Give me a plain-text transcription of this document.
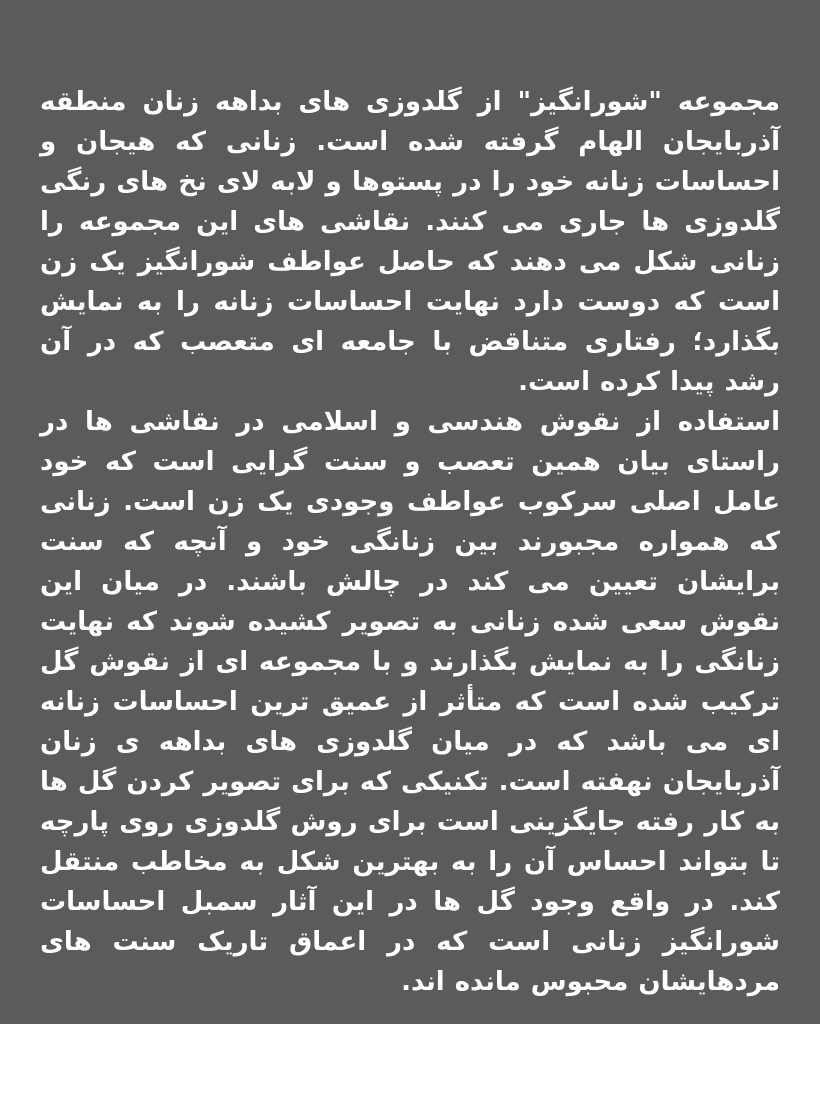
مجموعه "شورانگیز" از گلدوزی های بداهه زنان منطقه آذربایجان الهام گرفته شده است. زنانی که هیجان و احساسات زنانه خود را در پستوها و لابه لای نخ های رنگی گلدوزی ها جاری می کنند. نقاشی های این مجموعه را زنانی شکل می دهند که حاصل عواطف شورانگیز یک زن است که دوست دارد نهایت احساسات زنانه را به نمایش بگذارد؛ رفتاری متناقض با جامعه ای متعصب که در آن رشد پیدا کرده است.

استفاده از نقوش هندسی و اسلامی در نقاشی ها در راستای بیان همین تعصب و سنت گرایی است که خود عامل اصلی سرکوب عواطف وجودی یک زن است. زنانی که همواره مجبورند بین زنانگی خود و آنچه که سنت برایشان تعیین می کند در چالش باشند. در میان این نقوش سعی شده زنانی به تصویر کشیده شوند که نهایت زنانگی را به نمایش بگذارند و با مجموعه ای از نقوش گل ترکیب شده است که متأثر از عمیق ترین احساسات زنانه ای می باشد که در میان گلدوزی های بداهه ی زنان آذربایجان نهفته است. تکنیکی که برای تصویر کردن گل ها به کار رفته جایگزینی است برای روش گلدوزی روی پارچه تا بتواند احساس آن را به بهترین شکل به مخاطب منتقل کند. در واقع وجود گل ها در این آثار سمبل احساسات شورانگیز زنانی است که در اعماق تاریک سنت های مردهایشان محبوس مانده اند.

رویا نجف زاده
